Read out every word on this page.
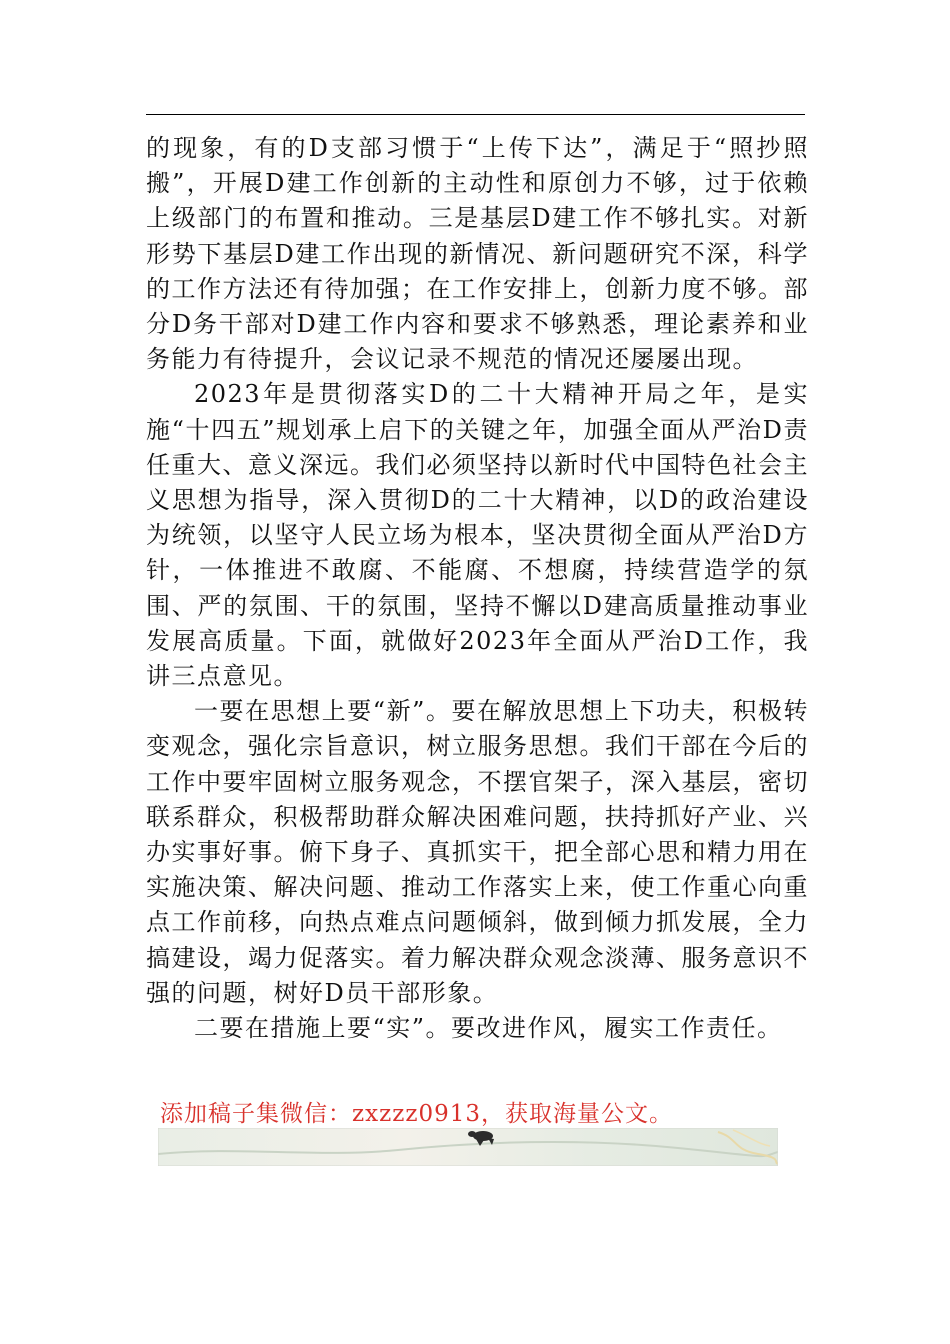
的现象，有的D支部习惯于“上传下达”，满足于“照抄照搬”，开展D建工作创新的主动性和原创力不够，过于依赖上级部门的布置和推动。三是基层D建工作不够扎实。对新形势下基层D建工作出现的新情况、新问题研究不深，科学的工作方法还有待加强；在工作安排上，创新力度不够。部分D务干部对D建工作内容和要求不够熟悉，理论素养和业务能力有待提升，会议记录不规范的情况还屡屡出现。

2023年是贯彻落实D的二十大精神开局之年，是实施“十四五”规划承上启下的关键之年，加强全面从严治D责任重大、意义深远。我们必须坚持以新时代中国特色社会主义思想为指导，深入贯彻D的二十大精神，以D的政治建设为统领，以坚守人民立场为根本，坚决贯彻全面从严治D方针，一体推进不敢腐、不能腐、不想腐，持续营造学的氛围、严的氛围、干的氛围，坚持不懈以D建高质量推动事业发展高质量。下面，就做好2023年全面从严治D工作，我讲三点意见。

一要在思想上要“新”。要在解放思想上下功夫，积极转变观念，强化宗旨意识，树立服务思想。我们干部在今后的工作中要牢固树立服务观念，不摆官架子，深入基层，密切联系群众，积极帮助群众解决困难问题，扶持抓好产业、兴办实事好事。俯下身子、真抓实干，把全部心思和精力用在实施决策、解决问题、推动工作落实上来，使工作重心向重点工作前移，向热点难点问题倾斜，做到倾力抓发展，全力搞建设，竭力促落实。着力解决群众观念淡薄、服务意识不强的问题，树好D员干部形象。

二要在措施上要“实”。要改进作风，履实工作责任。

添加稿子集微信：zxzzz0913，获取海量公文。
